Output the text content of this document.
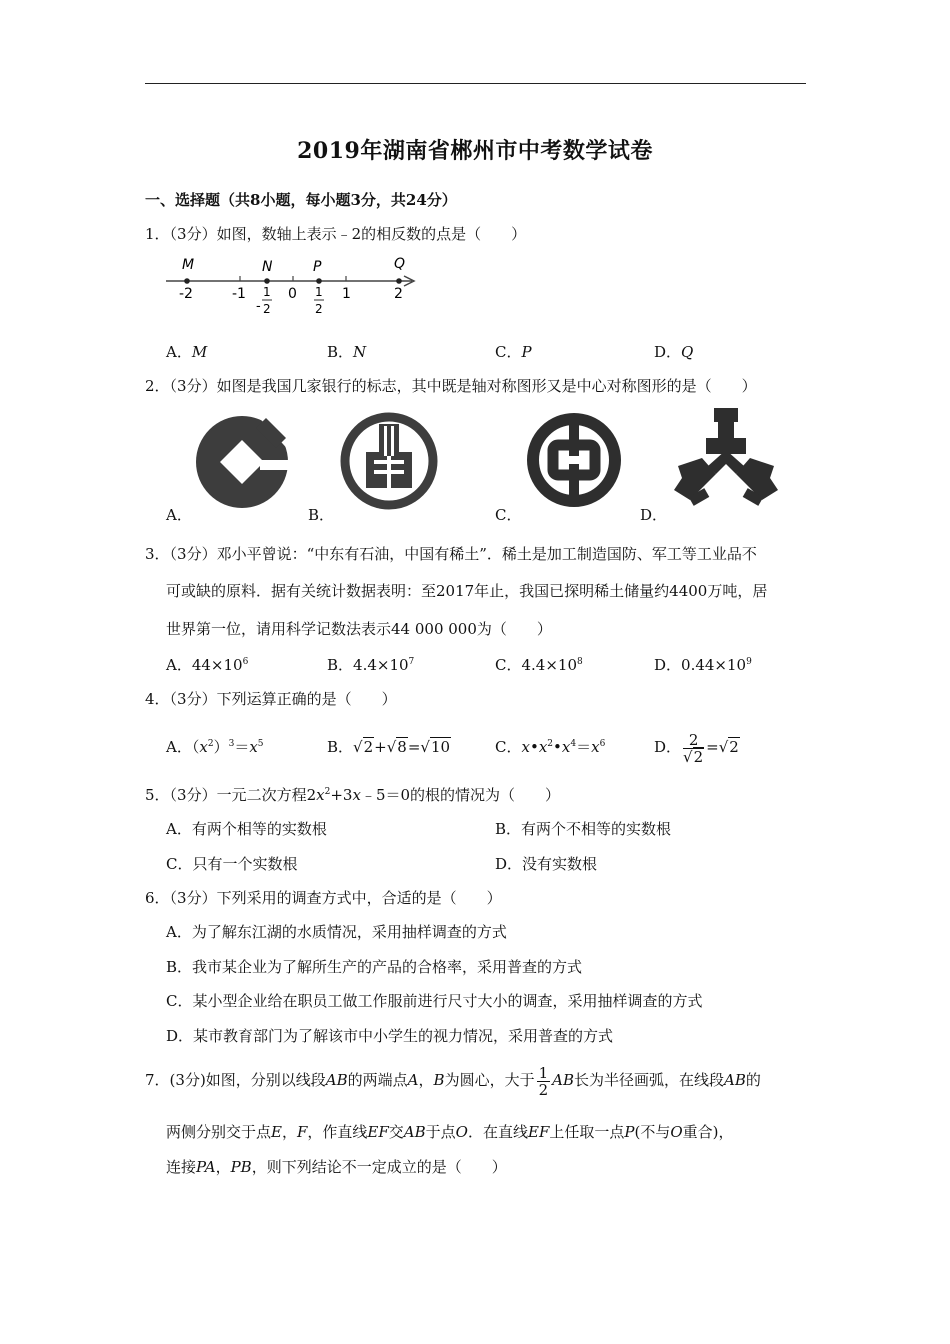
2019年湖南省郴州市中考数学试卷
一、选择题（共8小题，每小题3分，共24分）
1．（3分）如图，数轴上表示﹣2的相反数的点是（　　）
M	N	P	Q
-2	-1	0	1	2
-
1
2
1
2
A．M	B．N	C．P	D．Q
2．（3分）如图是我国几家银行的标志，其中既是轴对称图形又是中心对称图形的是（　　）
A．	B．	C．	D．
3．（3分）邓小平曾说：“中东有石油，中国有稀土”．稀土是加工制造国防、军工等工业品不
可或缺的原料．据有关统计数据表明：至2017年止，我国已探明稀土储量约4400万吨，居
世界第一位，请用科学记数法表示44 000 000为（　　）
A．$44\times 10^6$	B．$4.4\times 10^7$	C．$4.4\times 10^8$	D．$0.44\times 10^9$
4．（3分）下列运算正确的是（　　）
A．$(x^2)^3=x^5$	B．√2+√8=√10	C．$x•x^2•x^4=x^6$	D． $\frac{2}{√2} =√2$
5．（3分）一元二次方程$2x^2+3x﹣5=0$的根的情况为（　　）
A．有两个相等的实数根	B．有两个不相等的实数根
C．只有一个实数根	D．没有实数根
6．（3分）下列采用的调查方式中，合适的是（　　）
A．为了解东江湖的水质情况，采用抽样调查的方式
B．我市某企业为了解所生产的产品的合格率，采用普查的方式
C．某小型企业给在职员工做工作服前进行尺寸大小的调查，采用抽样调查的方式
D．某市教育部门为了解该市中小学生的视力情况，采用普查的方式
7．(3分)如图，分别以线段AB的两端点A，B为圆心，大于 $\frac{1}{2}$ AB长为半径画弧，在线段AB的
两侧分别交于点E，F，作直线EF交AB于点O．在直线EF上任取一点P(不与O重合)，
连接PA，PB，则下列结论不一定成立的是（　　）
